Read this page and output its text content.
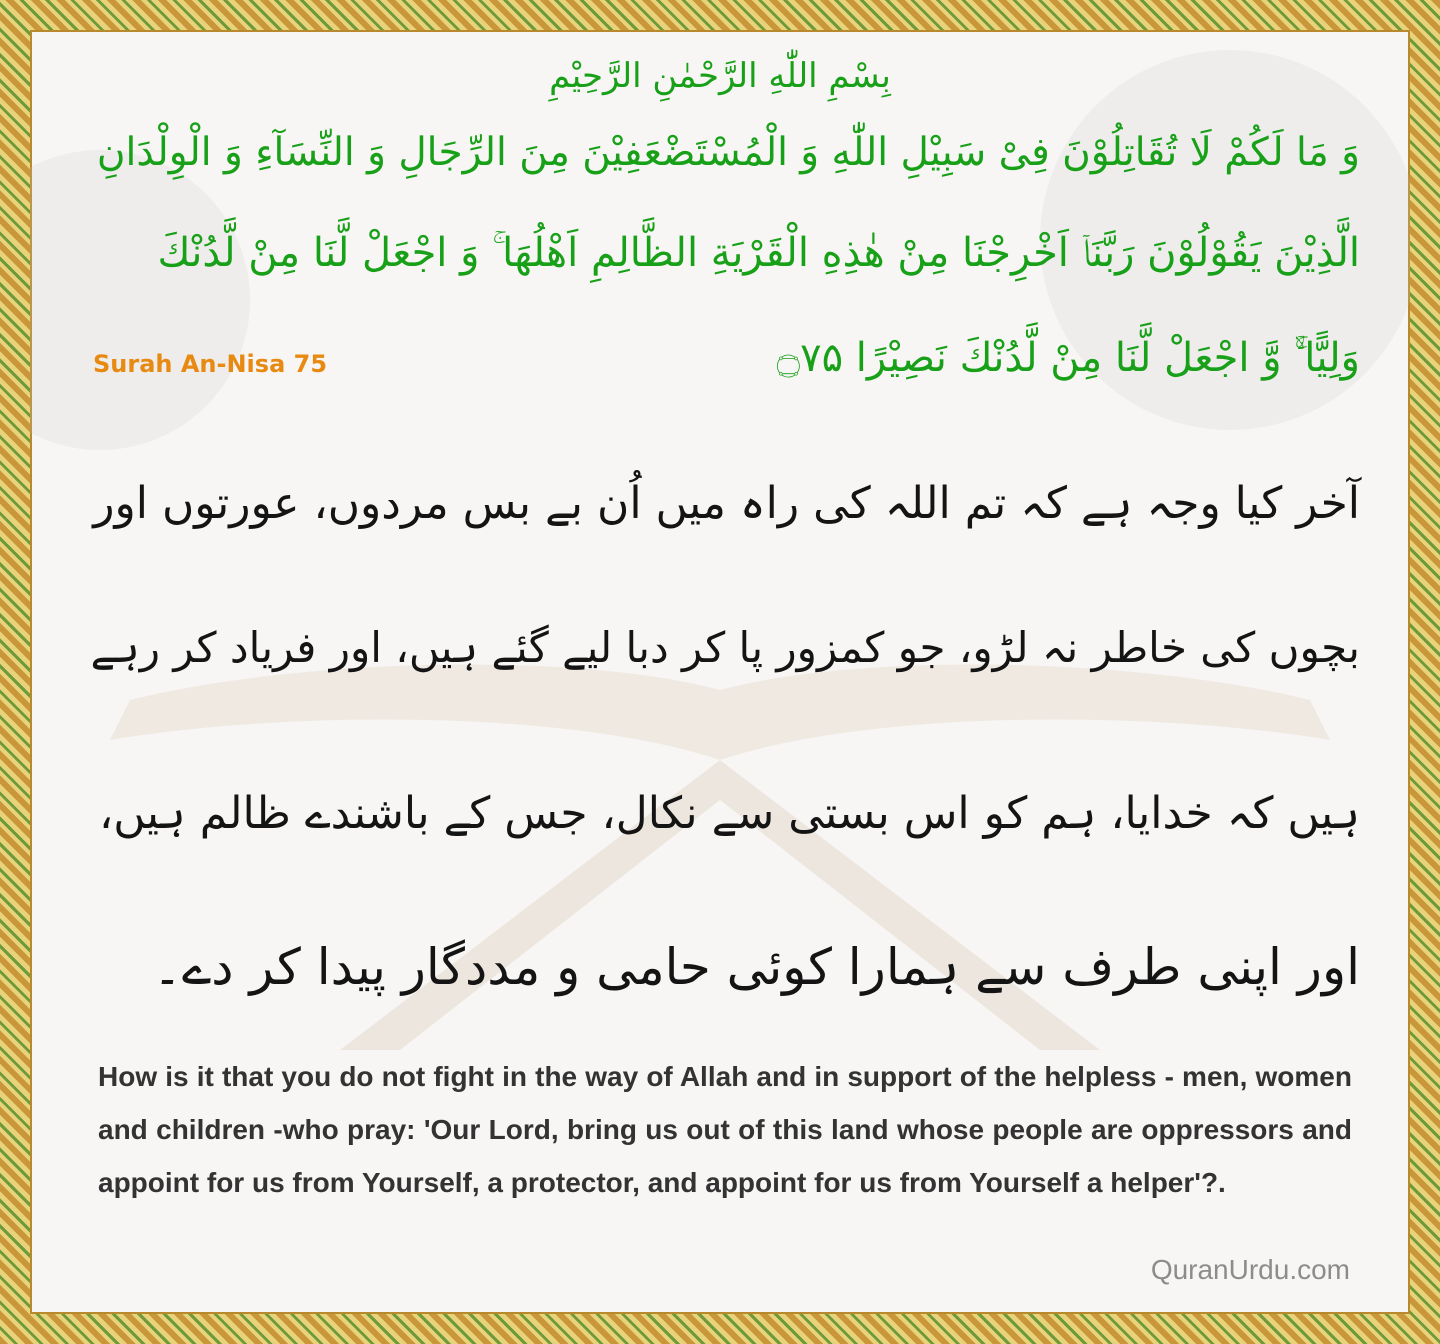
بِسْمِ اللّٰهِ الرَّحْمٰنِ الرَّحِیْمِ
وَ مَا لَكُمْ لَا تُقَاتِلُوْنَ فِیْ سَبِیْلِ اللّٰهِ وَ الْمُسْتَضْعَفِیْنَ مِنَ الرِّجَالِ وَ النِّسَآءِ وَ الْوِلْدَانِ
الَّذِیْنَ یَقُوْلُوْنَ رَبَّنَاۤ اَخْرِجْنَا مِنْ هٰذِهِ الْقَرْیَةِ الظَّالِمِ اَهْلُهَا ۚ وَ اجْعَلْ لَّنَا مِنْ لَّدُنْكَ
وَلِیًّا ۙۚ وَّ اجْعَلْ لَّنَا مِنْ لَّدُنْكَ نَصِیْرًا ۝۷۵
Surah An-Nisa 75
آخر کیا وجہ ہے کہ تم اللہ کی راہ میں اُن بے بس مردوں، عورتوں اور
بچوں کی خاطر نہ لڑو، جو کمزور پا کر دبا لیے گئے ہیں، اور فریاد کر رہے
ہیں کہ خدایا، ہم کو اس بستی سے نکال، جس کے باشندے ظالم ہیں،
اور اپنی طرف سے ہمارا کوئی حامی و مددگار پیدا کر دے۔
How is it that you do not fight in the way of Allah and in support of the helpless - men, women and children -who pray: 'Our Lord, bring us out of this land whose people are oppressors and appoint for us from Yourself, a protector, and appoint for us from Yourself a helper'?.
QuranUrdu.com
